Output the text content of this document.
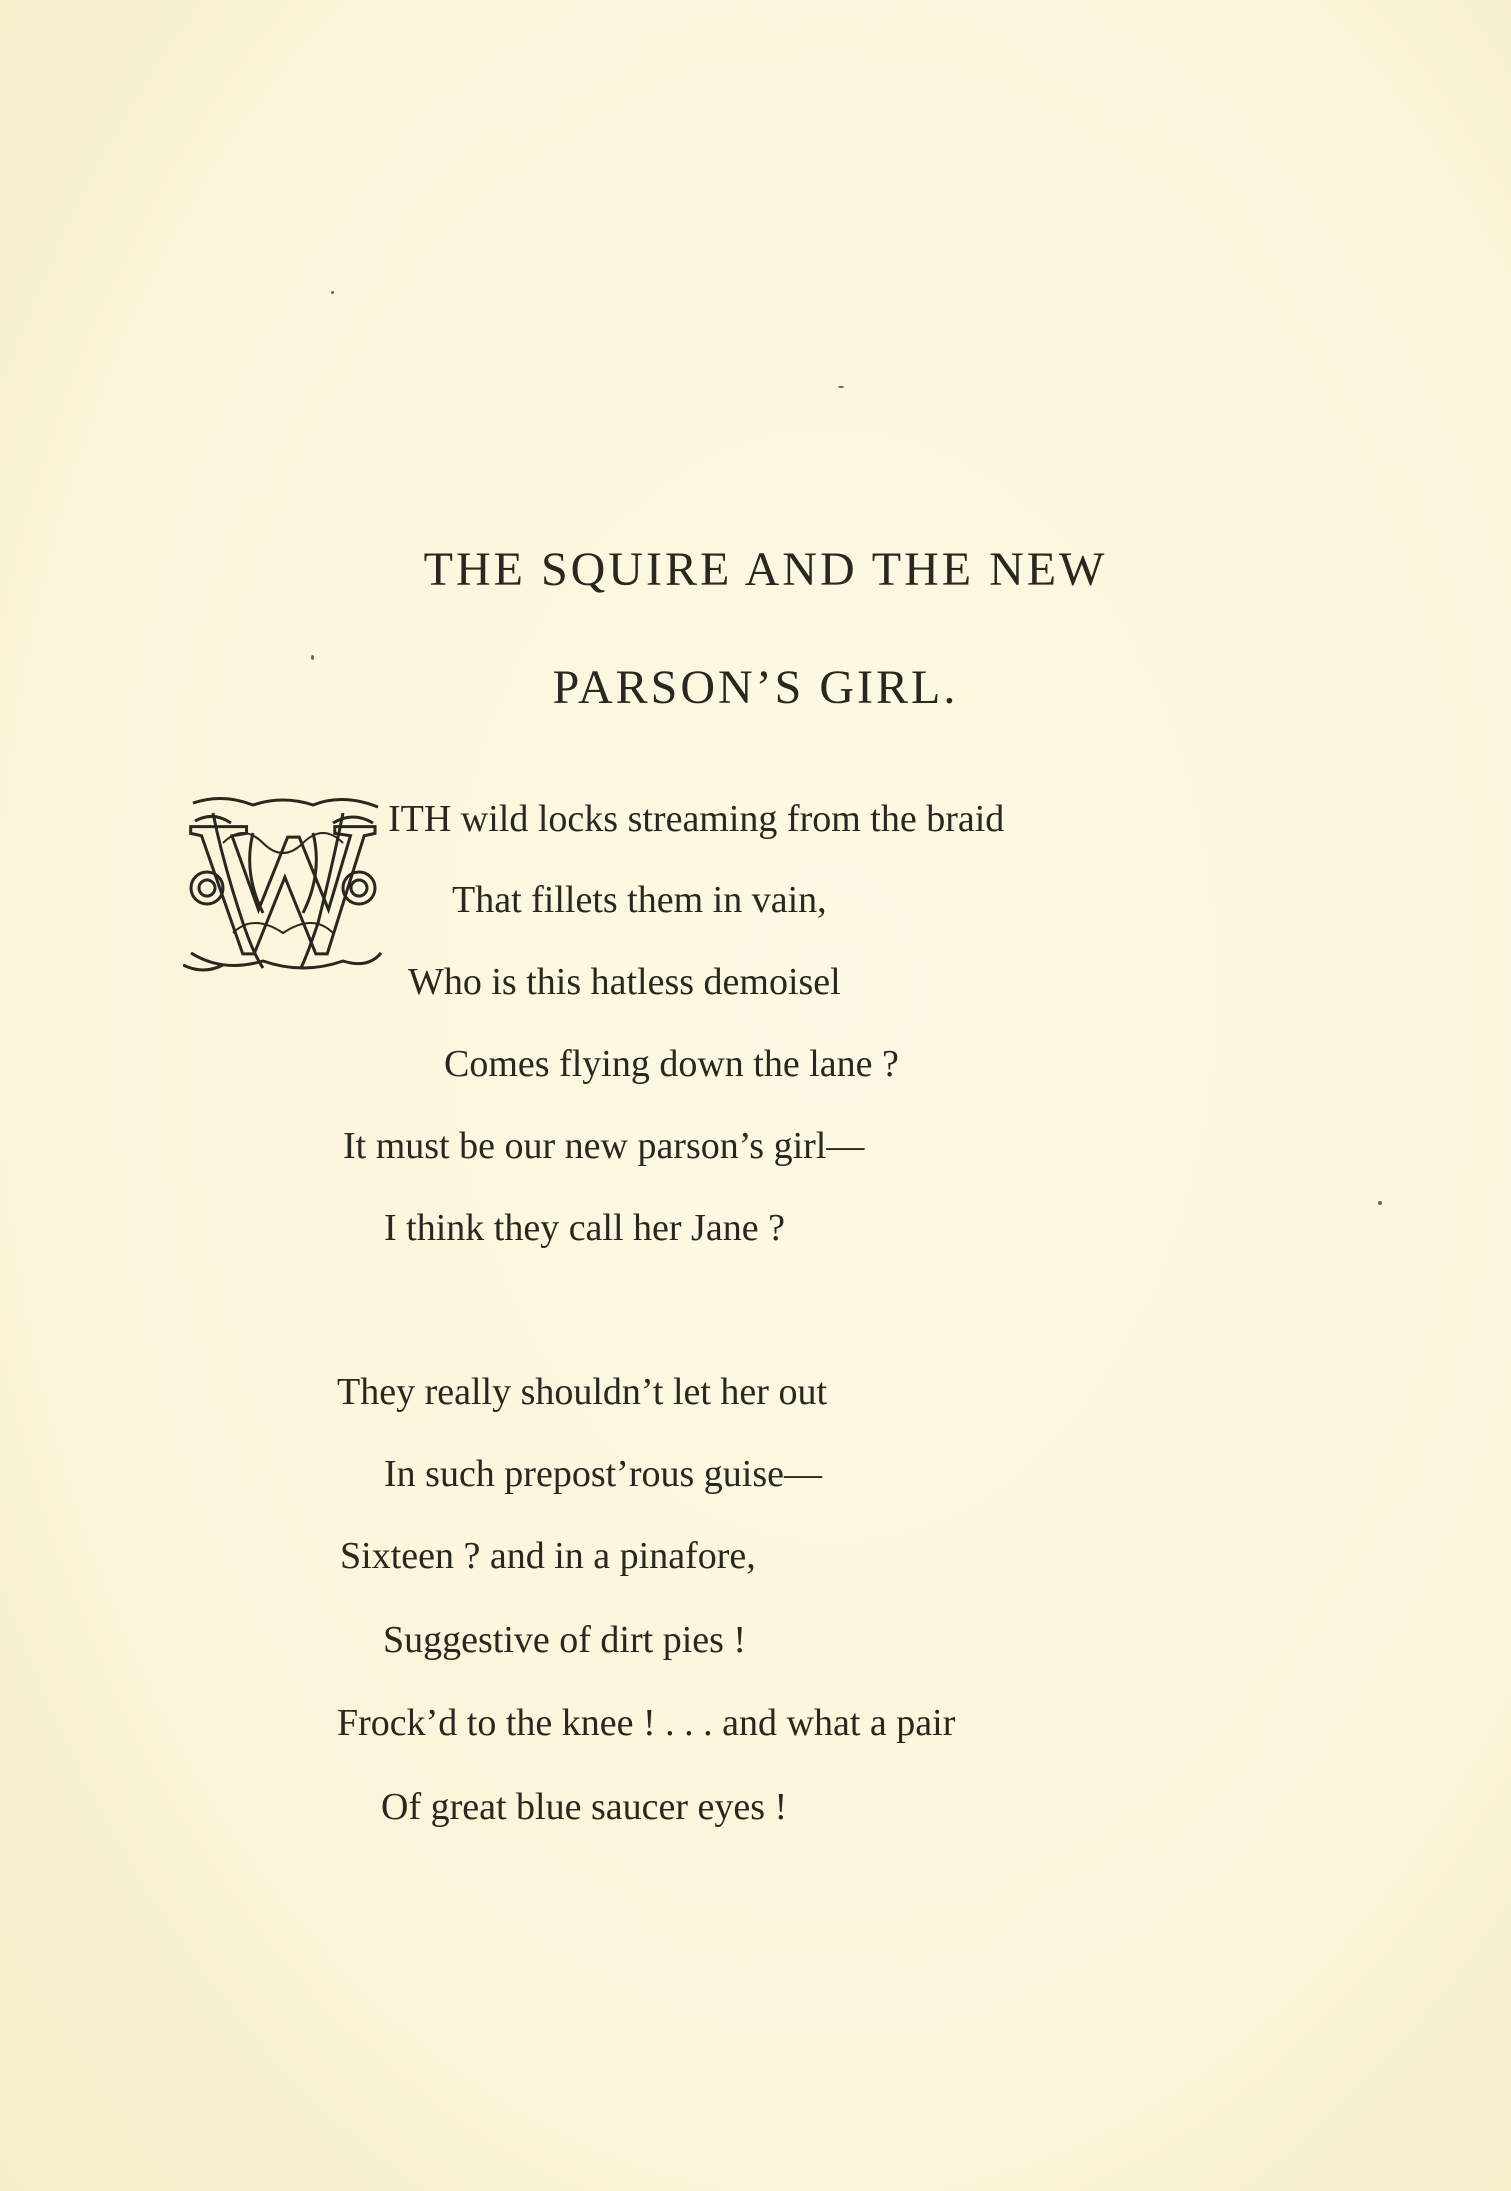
THE SQUIRE AND THE NEW
PARSON’S GIRL.
W ITH wild locks streaming from the braid
That fillets them in vain,
Who is this hatless demoisel
Comes flying down the lane ?
It must be our new parson’s girl—
I think they call her Jane ?
They really shouldn’t let her out
In such prepost’rous guise—
Sixteen ? and in a pinafore,
Suggestive of dirt pies !
Frock’d to the knee ! . . . and what a pair
Of great blue saucer eyes !
